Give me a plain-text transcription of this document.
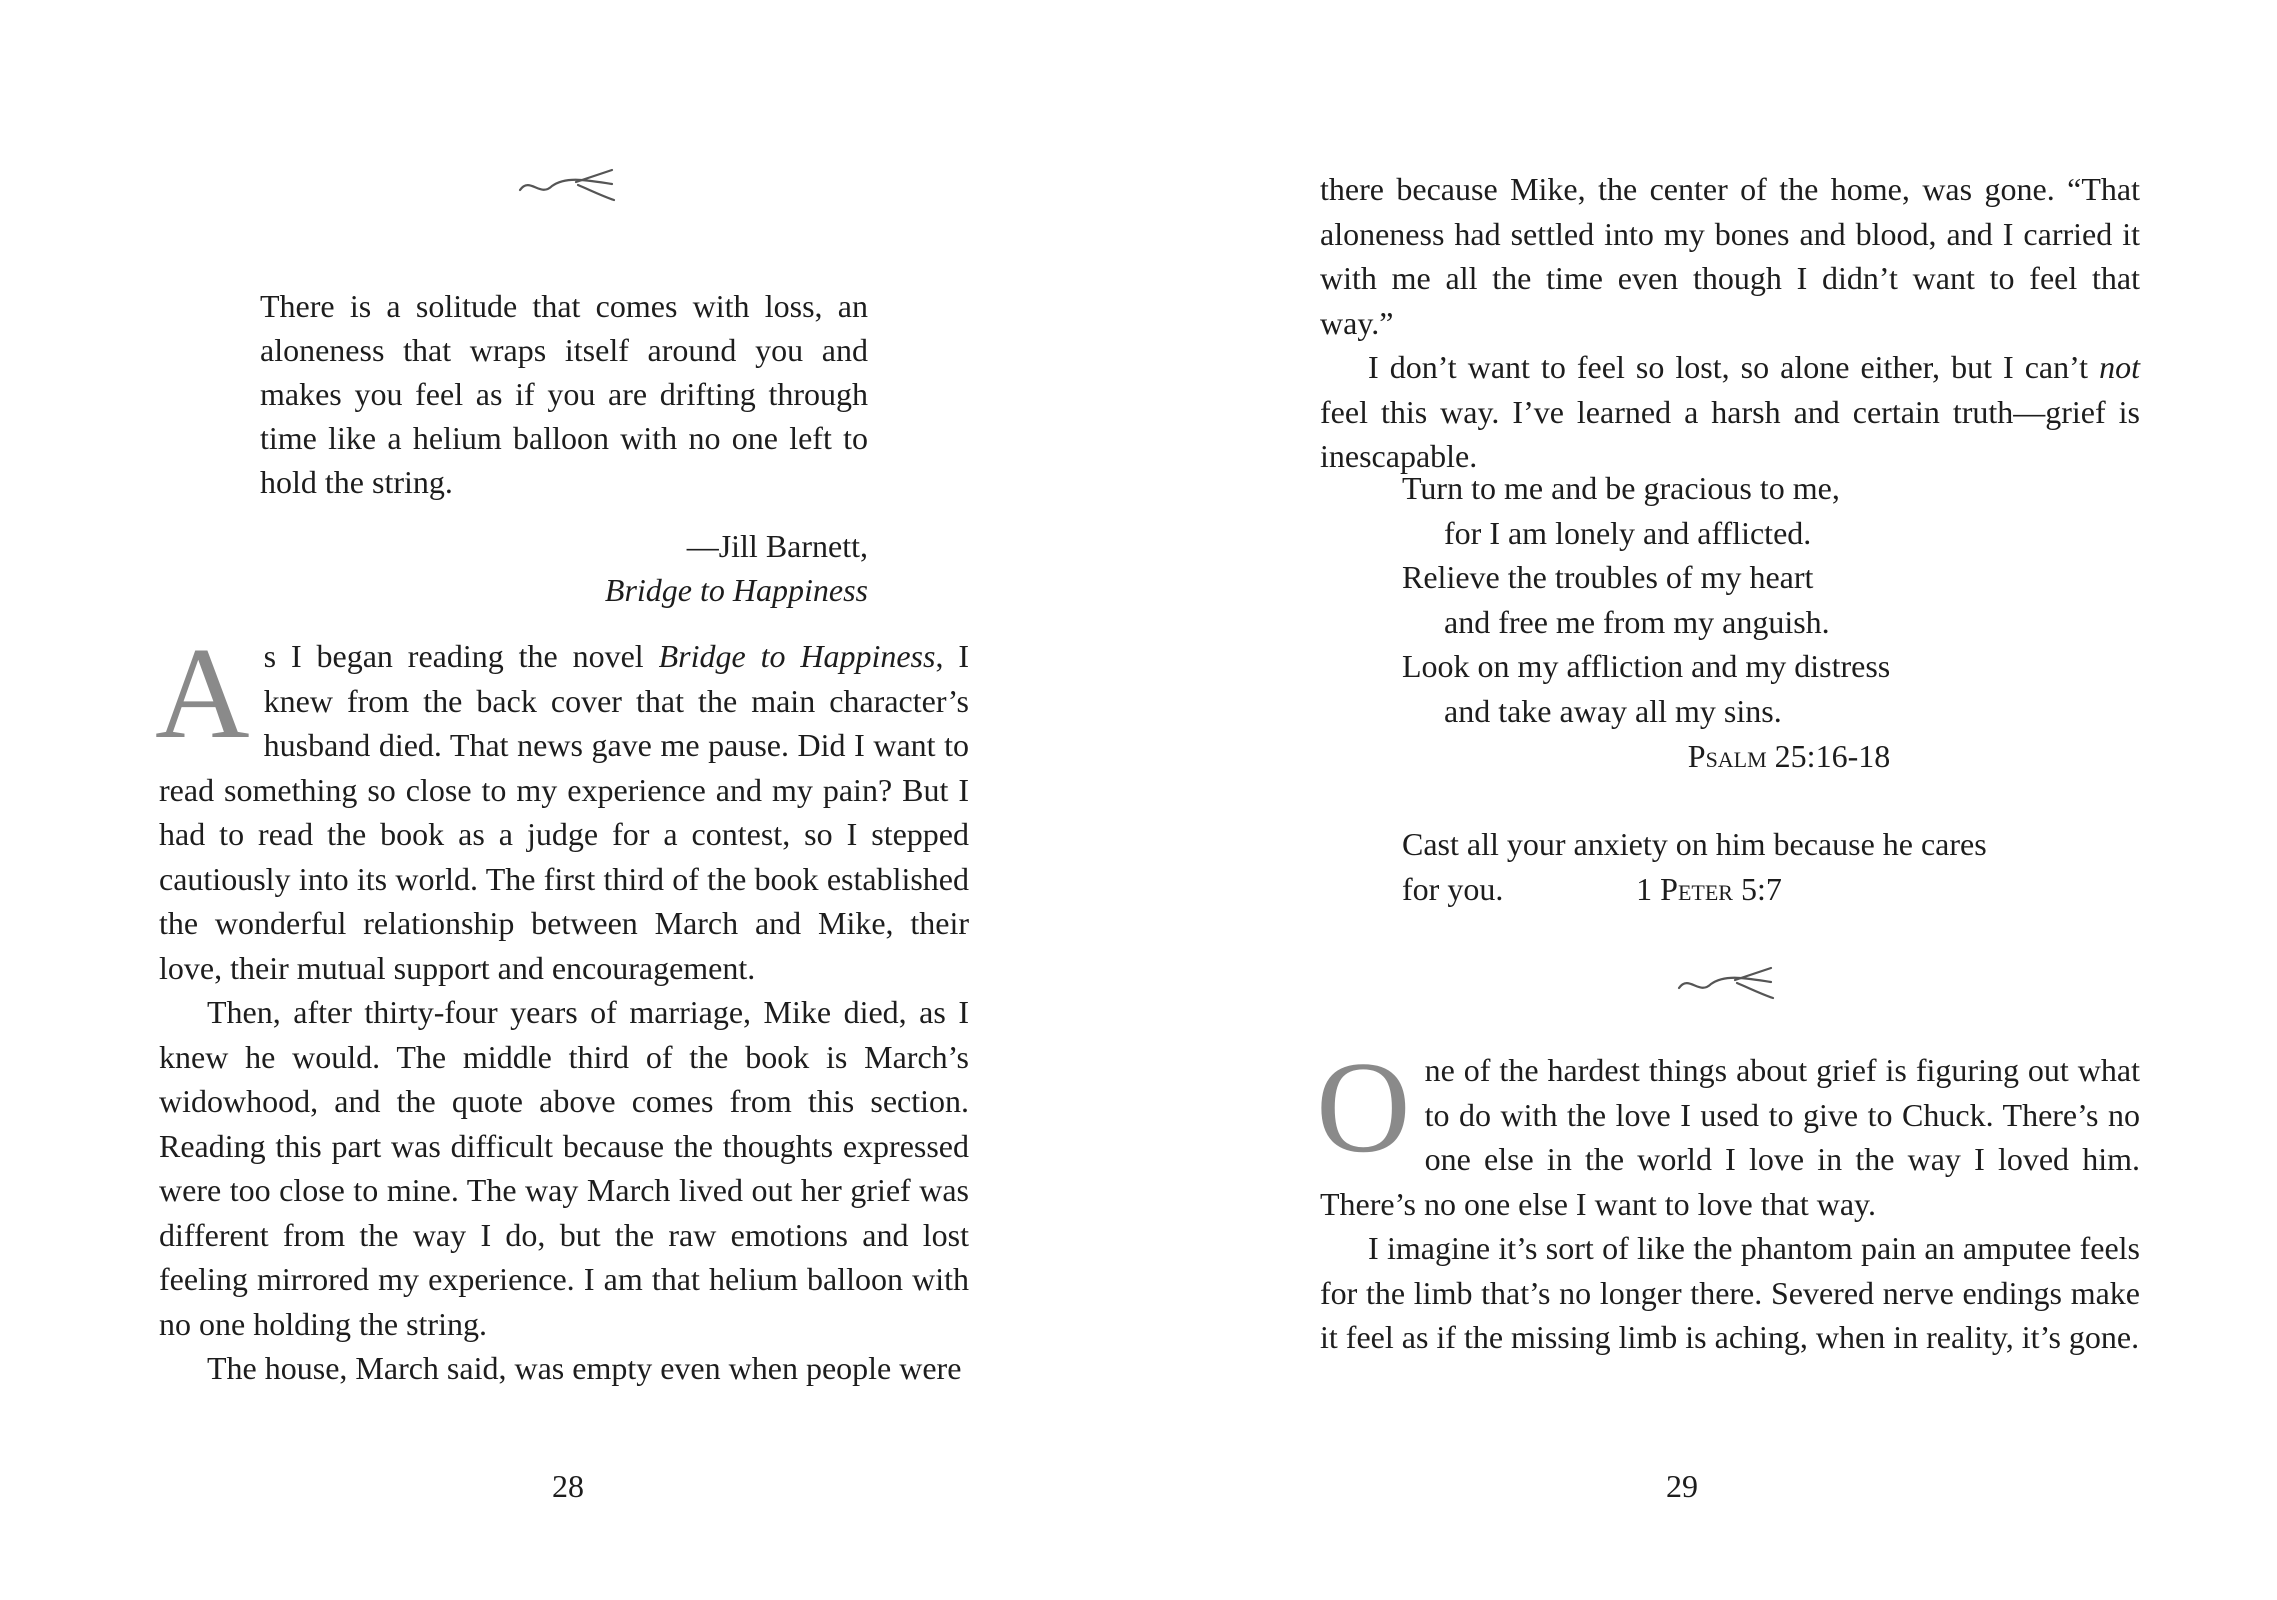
There is a solitude that comes with loss, an aloneness that wraps itself around you and makes you feel as if you are drifting through time like a helium balloon with no one left to hold the string.

—Jill Barnett,
Bridge to Happiness

As I began reading the novel Bridge to Happiness, I knew from the back cover that the main character’s husband died. That news gave me pause. Did I want to read something so close to my experience and my pain? But I had to read the book as a judge for a contest, so I stepped cautiously into its world. The first third of the book established the wonderful relationship between March and Mike, their love, their mutual support and encouragement.

Then, after thirty-four years of marriage, Mike died, as I knew he would. The middle third of the book is March’s widowhood, and the quote above comes from this section. Reading this part was difficult because the thoughts expressed were too close to mine. The way March lived out her grief was different from the way I do, but the raw emotions and lost feeling mirrored my experience. I am that helium balloon with no one holding the string.

The house, March said, was empty even when people were

28

there because Mike, the center of the home, was gone. “That aloneness had settled into my bones and blood, and I carried it with me all the time even though I didn’t want to feel that way.”

I don’t want to feel so lost, so alone either, but I can’t not feel this way. I’ve learned a harsh and certain truth—grief is inescapable.

Turn to me and be gracious to me,
for I am lonely and afflicted.
Relieve the troubles of my heart
and free me from my anguish.
Look on my affliction and my distress
and take away all my sins.
Psalm 25:16-18
Cast all your anxiety on him because he cares for you.	1 Peter 5:7

One of the hardest things about grief is figuring out what to do with the love I used to give to Chuck. There’s no one else in the world I love in the way I loved him. There’s no one else I want to love that way.

I imagine it’s sort of like the phantom pain an amputee feels for the limb that’s no longer there. Severed nerve endings make it feel as if the missing limb is aching, when in reality, it’s gone.

29
